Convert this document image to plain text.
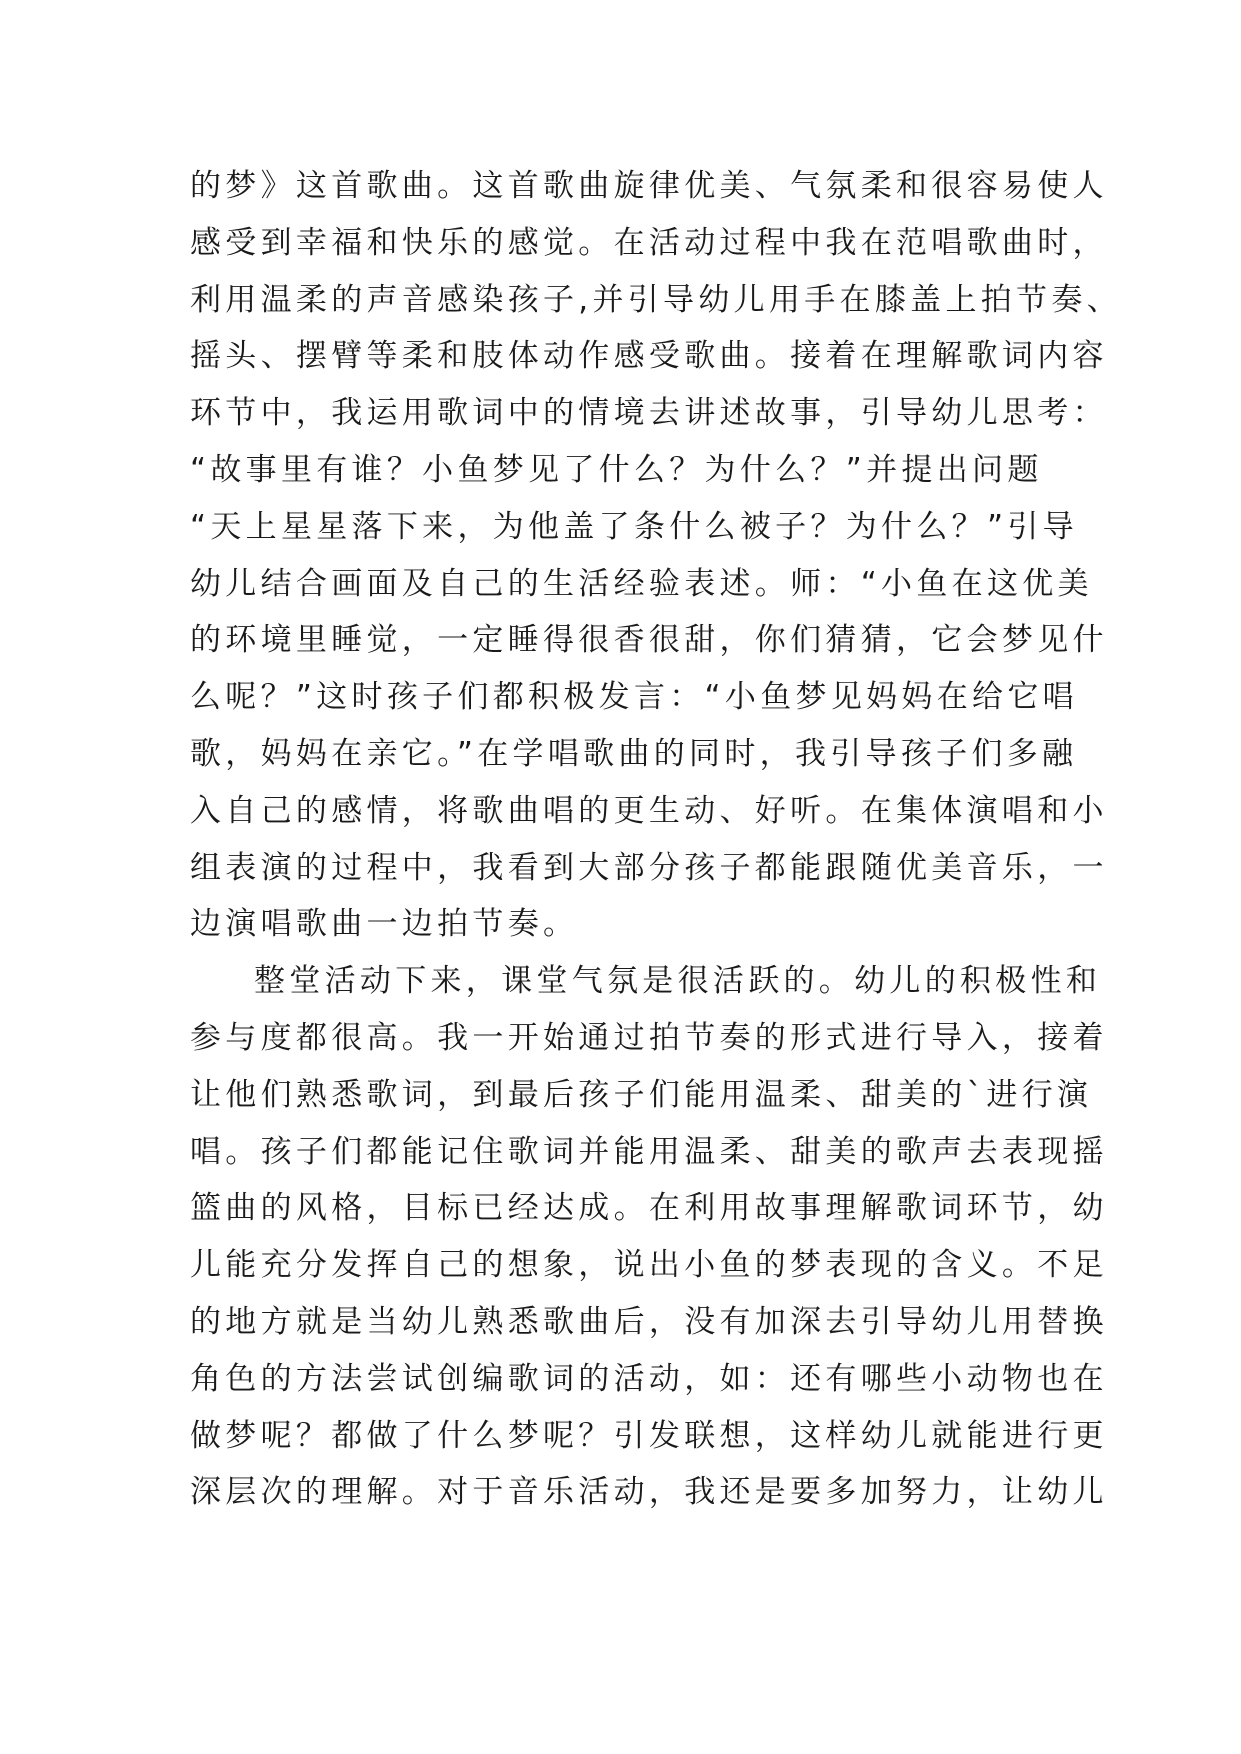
的梦》这首歌曲。这首歌曲旋律优美、气氛柔和很容易使人
感受到幸福和快乐的感觉。在活动过程中我在范唱歌曲时，
利用温柔的声音感染孩子,并引导幼儿用手在膝盖上拍节奏、
摇头、摆臂等柔和肢体动作感受歌曲。接着在理解歌词内容
环节中，我运用歌词中的情境去讲述故事，引导幼儿思考：
“故事里有谁？小鱼梦见了什么？为什么？”并提出问题
“天上星星落下来，为他盖了条什么被子？为什么？”引导
幼儿结合画面及自己的生活经验表述。师：“小鱼在这优美
的环境里睡觉，一定睡得很香很甜，你们猜猜，它会梦见什
么呢？”这时孩子们都积极发言：“小鱼梦见妈妈在给它唱
歌，妈妈在亲它。”在学唱歌曲的同时，我引导孩子们多融
入自己的感情，将歌曲唱的更生动、好听。在集体演唱和小
组表演的过程中，我看到大部分孩子都能跟随优美音乐，一
边演唱歌曲一边拍节奏。
整堂活动下来，课堂气氛是很活跃的。幼儿的积极性和
参与度都很高。我一开始通过拍节奏的形式进行导入，接着
让他们熟悉歌词，到最后孩子们能用温柔、甜美的`进行演
唱。孩子们都能记住歌词并能用温柔、甜美的歌声去表现摇
篮曲的风格，目标已经达成。在利用故事理解歌词环节，幼
儿能充分发挥自己的想象，说出小鱼的梦表现的含义。不足
的地方就是当幼儿熟悉歌曲后，没有加深去引导幼儿用替换
角色的方法尝试创编歌词的活动，如：还有哪些小动物也在
做梦呢？都做了什么梦呢？引发联想，这样幼儿就能进行更
深层次的理解。对于音乐活动，我还是要多加努力，让幼儿
